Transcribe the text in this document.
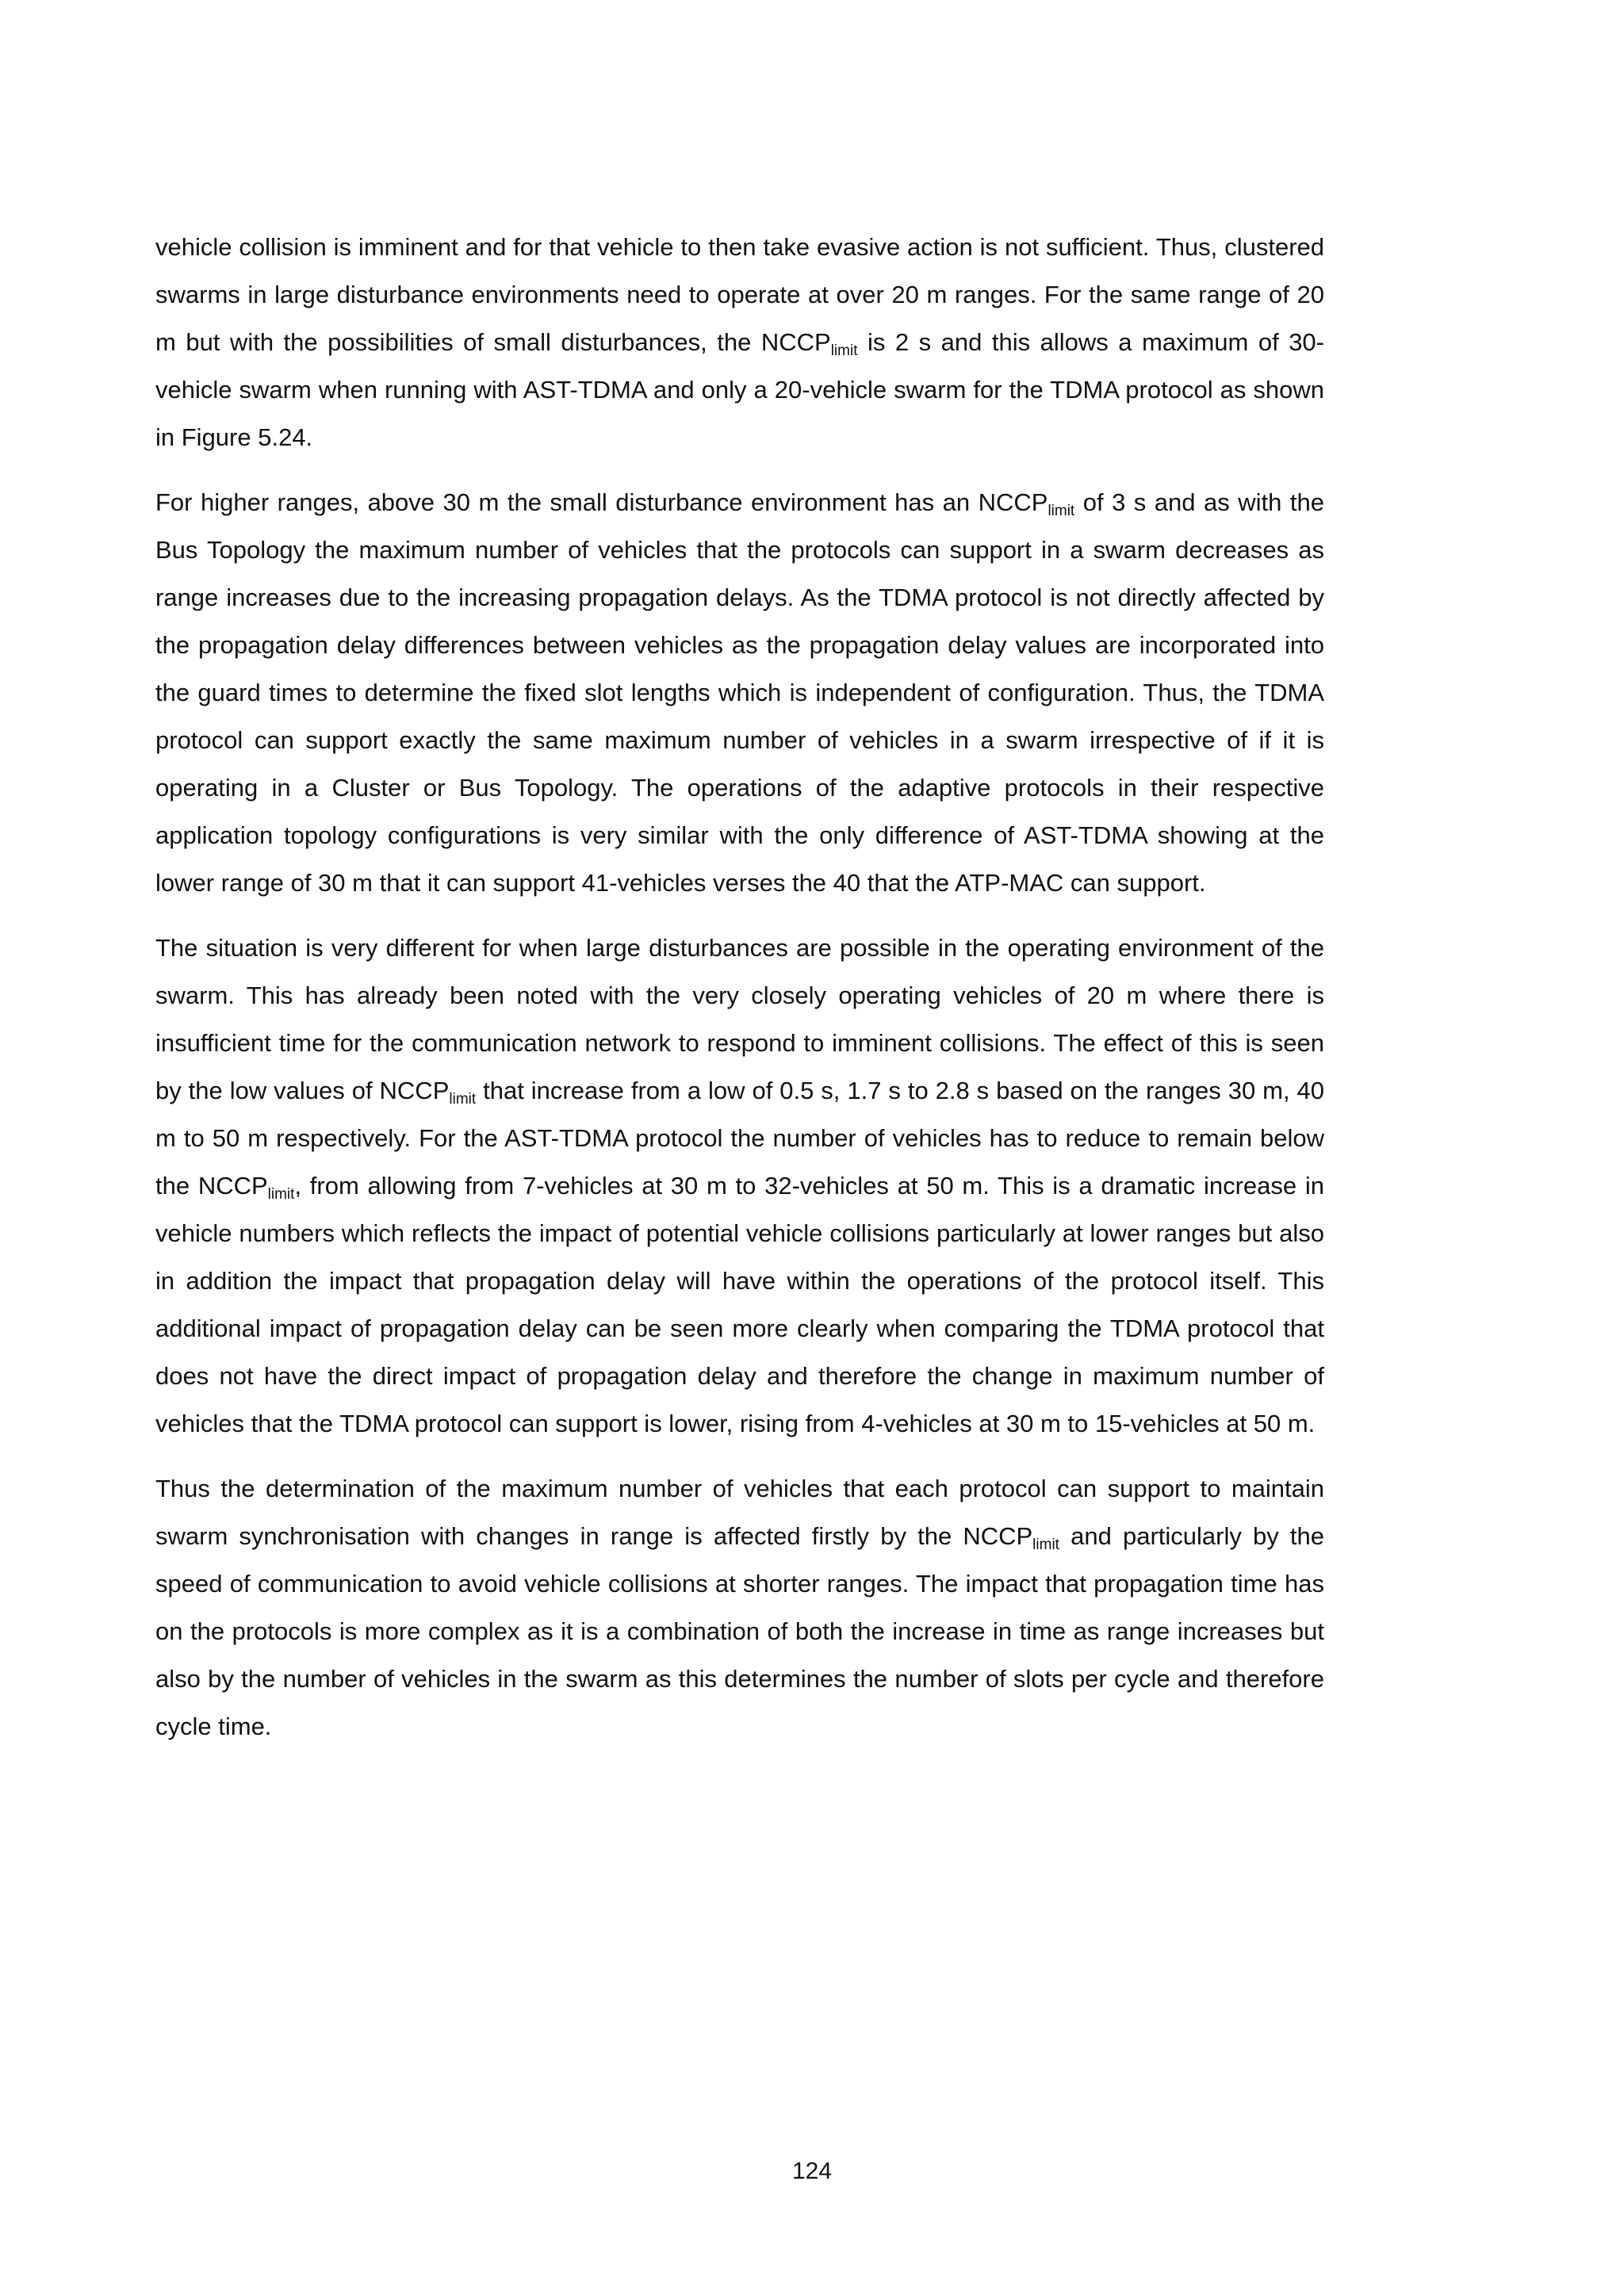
vehicle collision is imminent and for that vehicle to then take evasive action is not sufficient. Thus, clustered swarms in large disturbance environments need to operate at over 20 m ranges. For the same range of 20 m but with the possibilities of small disturbances, the $NCCP_{limit}$ is 2 s and this allows a maximum of 30-vehicle swarm when running with AST-TDMA and only a 20-vehicle swarm for the TDMA protocol as shown in Figure 5.24.

For higher ranges, above 30 m the small disturbance environment has an $NCCP_{limit}$ of 3 s and as with the Bus Topology the maximum number of vehicles that the protocols can support in a swarm decreases as range increases due to the increasing propagation delays. As the TDMA protocol is not directly affected by the propagation delay differences between vehicles as the propagation delay values are incorporated into the guard times to determine the fixed slot lengths which is independent of configuration. Thus, the TDMA protocol can support exactly the same maximum number of vehicles in a swarm irrespective of if it is operating in a Cluster or Bus Topology. The operations of the adaptive protocols in their respective application topology configurations is very similar with the only difference of AST-TDMA showing at the lower range of 30 m that it can support 41-vehicles verses the 40 that the ATP-MAC can support.

The situation is very different for when large disturbances are possible in the operating environment of the swarm. This has already been noted with the very closely operating vehicles of 20 m where there is insufficient time for the communication network to respond to imminent collisions. The effect of this is seen by the low values of $NCCP_{limit}$ that increase from a low of 0.5 s, 1.7 s to 2.8 s based on the ranges 30 m, 40 m to 50 m respectively. For the AST-TDMA protocol the number of vehicles has to reduce to remain below the $NCCP_{limit}$, from allowing from 7-vehicles at 30 m to 32-vehicles at 50 m. This is a dramatic increase in vehicle numbers which reflects the impact of potential vehicle collisions particularly at lower ranges but also in addition the impact that propagation delay will have within the operations of the protocol itself. This additional impact of propagation delay can be seen more clearly when comparing the TDMA protocol that does not have the direct impact of propagation delay and therefore the change in maximum number of vehicles that the TDMA protocol can support is lower, rising from 4-vehicles at 30 m to 15-vehicles at 50 m.

Thus the determination of the maximum number of vehicles that each protocol can support to maintain swarm synchronisation with changes in range is affected firstly by the $NCCP_{limit}$ and particularly by the speed of communication to avoid vehicle collisions at shorter ranges. The impact that propagation time has on the protocols is more complex as it is a combination of both the increase in time as range increases but also by the number of vehicles in the swarm as this determines the number of slots per cycle and therefore cycle time.

124
